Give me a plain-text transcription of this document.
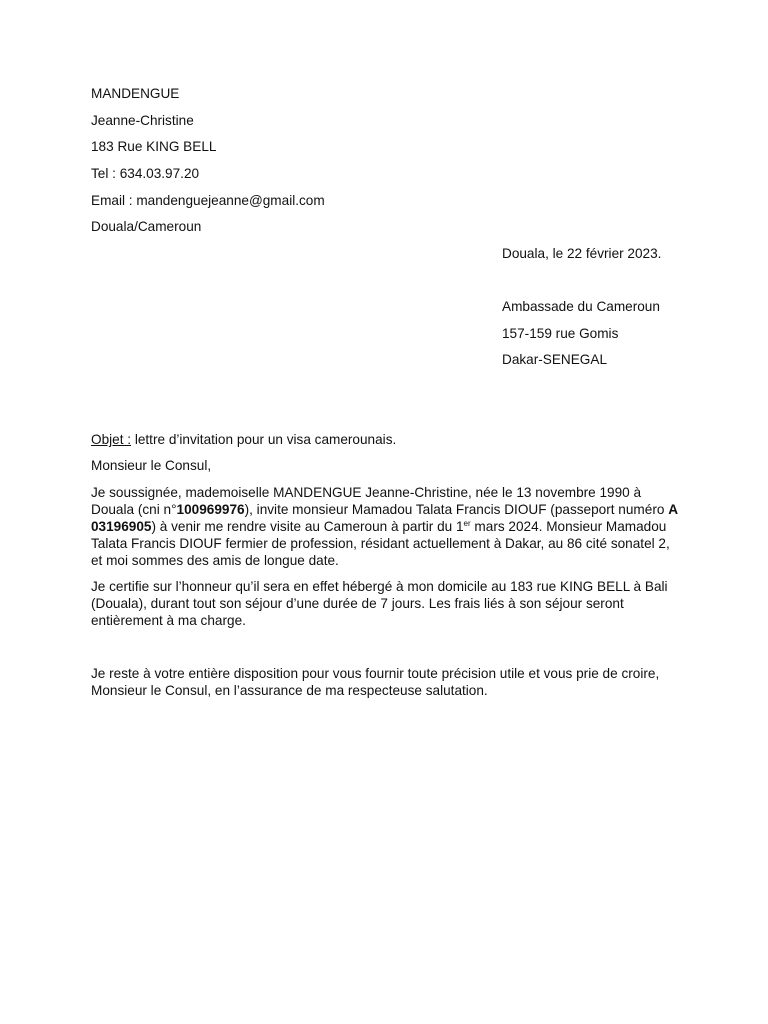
MANDENGUE
Jeanne-Christine
183 Rue KING BELL
Tel : 634.03.97.20
Email : mandenguejeanne@gmail.com
Douala/Cameroun
Douala, le 22 février 2023.
Ambassade du Cameroun
157-159 rue Gomis
Dakar-SENEGAL
Objet : lettre d’invitation pour un visa camerounais.
Monsieur le Consul,
Je soussignée, mademoiselle MANDENGUE Jeanne-Christine, née le 13 novembre 1990 à Douala (cni n°100969976), invite monsieur Mamadou Talata Francis DIOUF (passeport numéro A 03196905) à venir me rendre visite au Cameroun à partir du 1er mars 2024. Monsieur Mamadou Talata Francis DIOUF fermier de profession, résidant actuellement à Dakar, au 86 cité sonatel 2, et moi sommes des amis de longue date.
Je certifie sur l’honneur qu’il sera en effet hébergé à mon domicile au 183 rue KING BELL à Bali (Douala), durant tout son séjour d’une durée de 7 jours. Les frais liés à son séjour seront entièrement à ma charge.
Je reste à votre entière disposition pour vous fournir toute précision utile et vous prie de croire, Monsieur le Consul, en l’assurance de ma respecteuse salutation.
